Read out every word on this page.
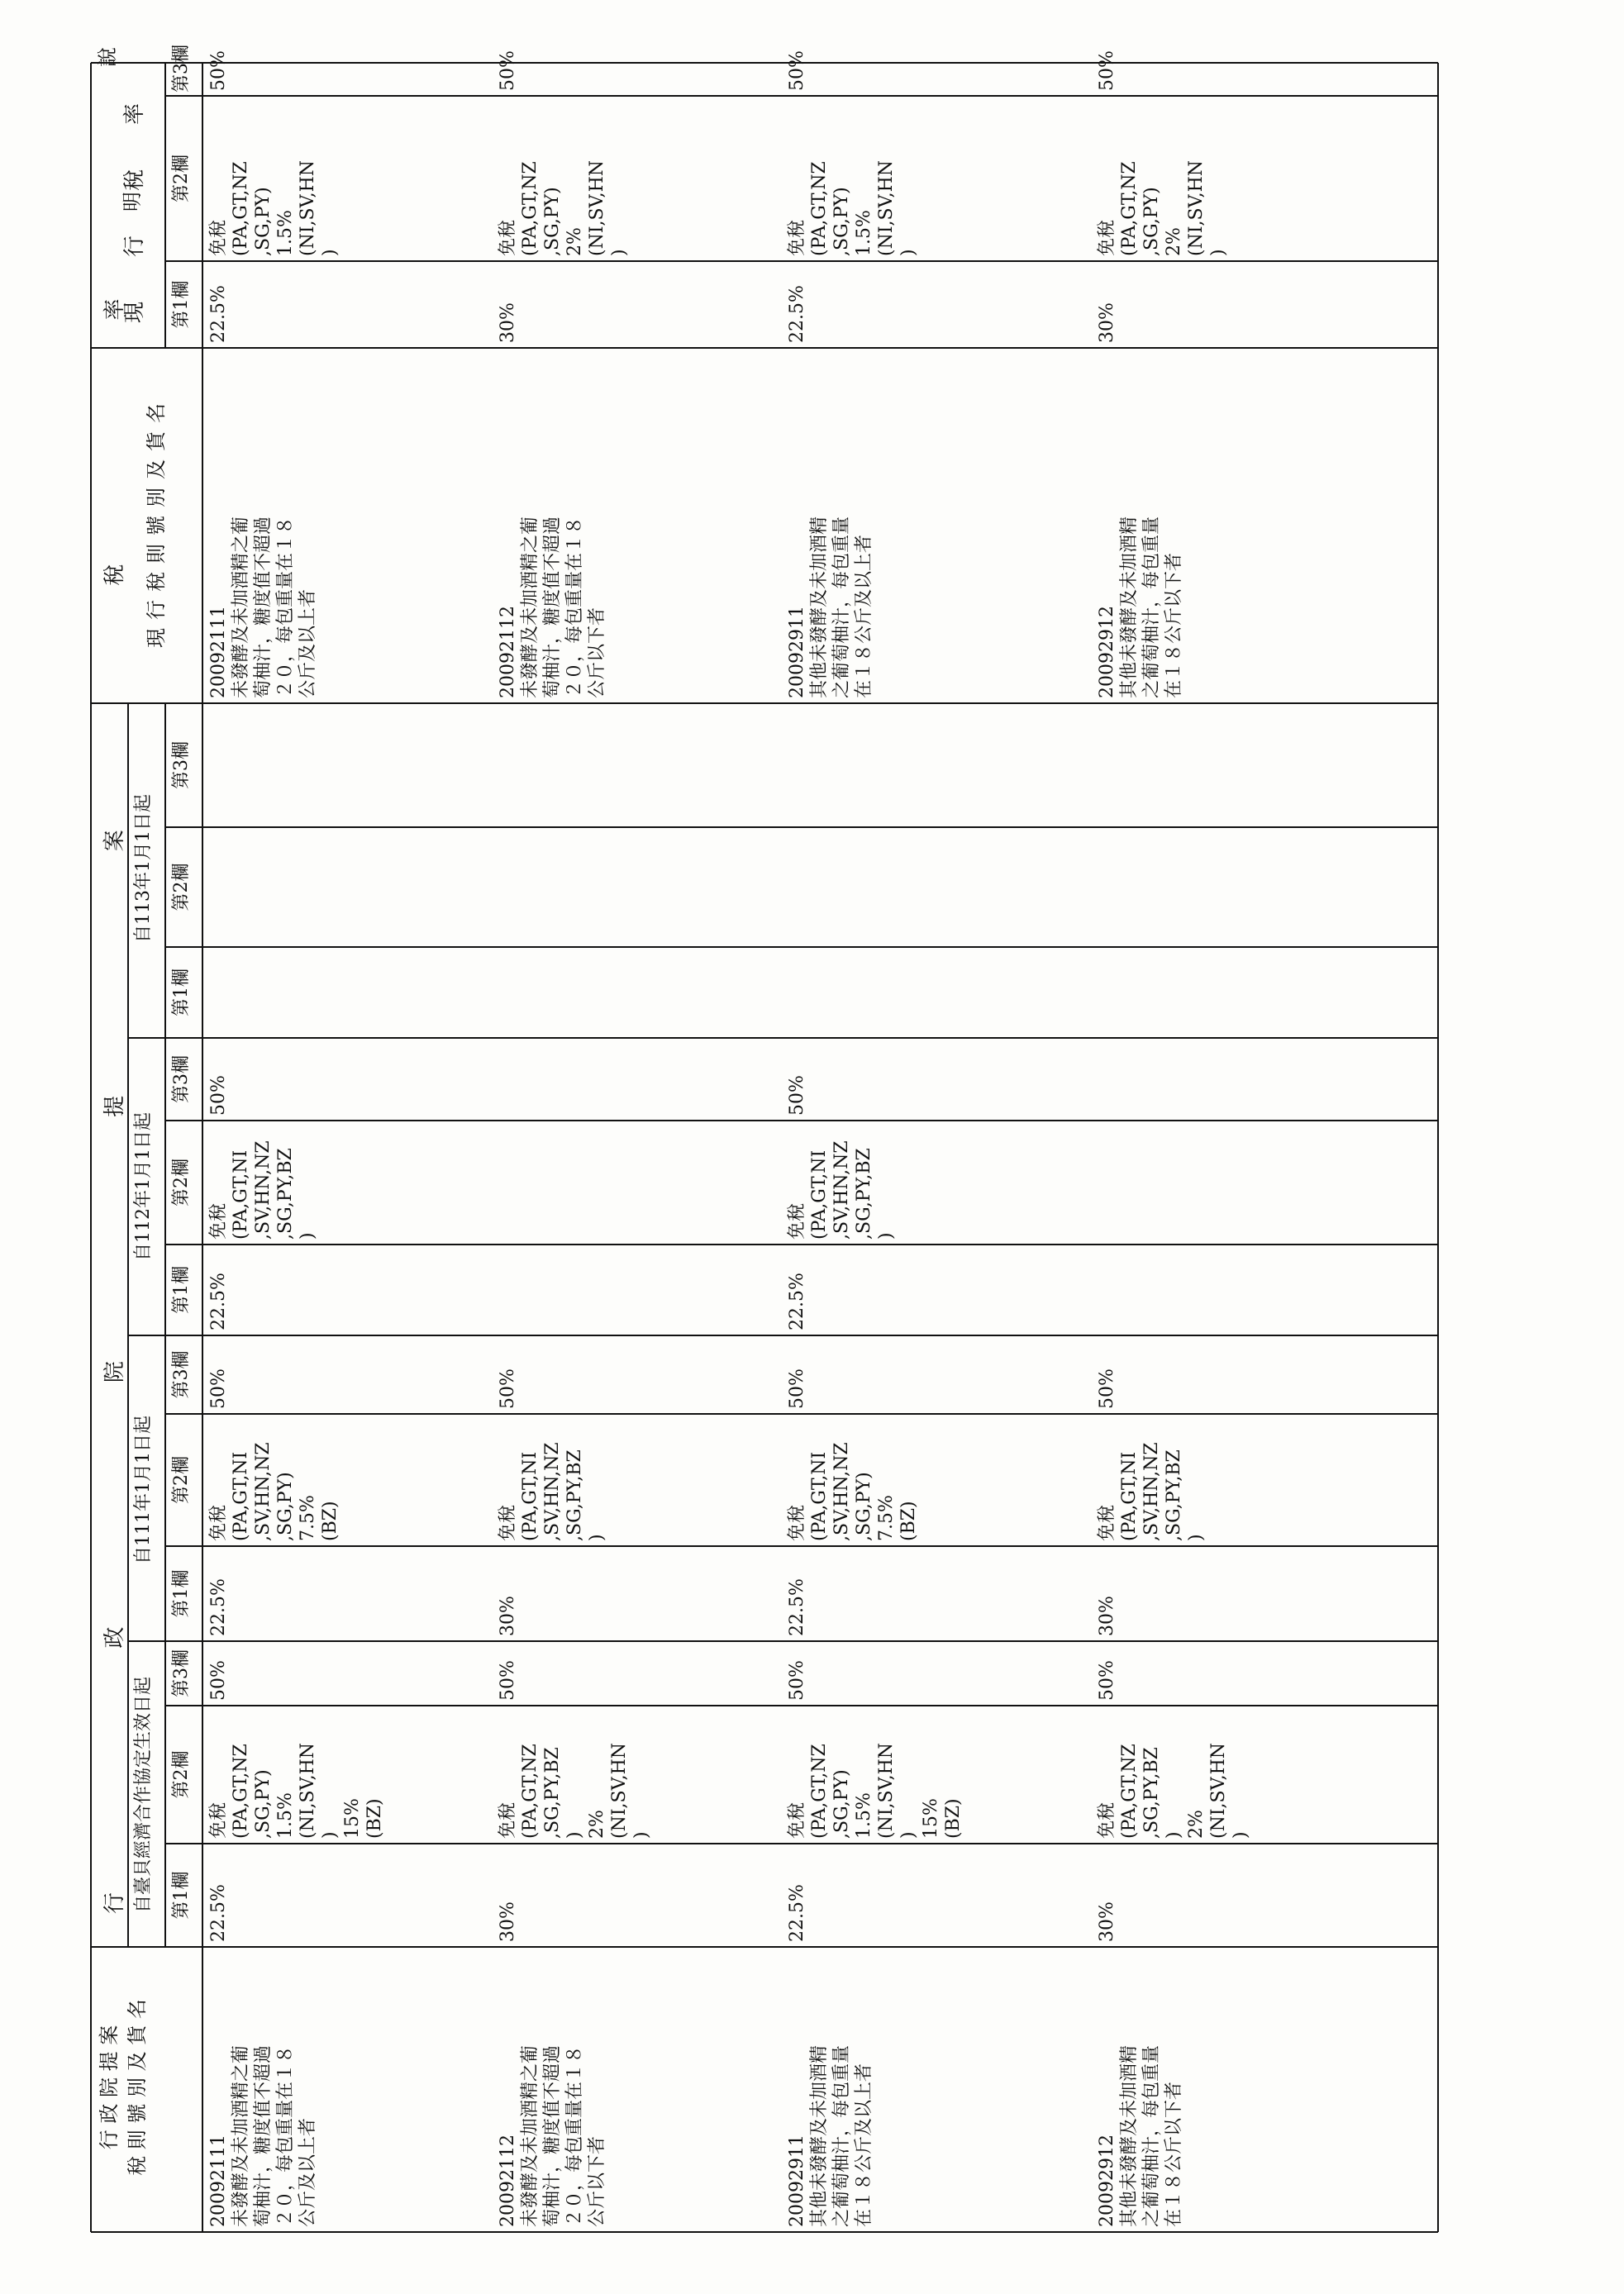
行 政 院 提 案
稅 則 號 別 及 貨 名
行
政
院
提
案
稅
率
自臺貝經濟合作協定生效日起
自111年1月1日起
自112年1月1日起
自113年1月1日起
現行稅則號別及貨名
現
行
稅
率
說
明
第1欄
第2欄
第3欄
第1欄
第2欄
第3欄
第1欄
第2欄
第3欄
第1欄
第2欄
第3欄
第1欄
第2欄
第3欄
20092111 未發酵及未加酒精之葡
萄柚汁，糖度值不超過
２０，每包重量在１８
公斤及以上者
22.5%
免稅
(PA,GT,NZ
,SG,PY)
1.5%
(NI,SV,HN
)
15%
(BZ)
50%
22.5%
免稅
(PA,GT,NI
,SV,HN,NZ
,SG,PY)
7.5%
(BZ)
50%
22.5%
免稅
(PA,GT,NI
,SV,HN,NZ
,SG,PY,BZ
)
50%
20092111 未發酵及未加酒精之葡
萄柚汁，糖度值不超過
２０，每包重量在１８
公斤及以上者
22.5%
免稅
(PA,GT,NZ
,SG,PY)
1.5%
(NI,SV,HN
)
50%
20092112 未發酵及未加酒精之葡
萄柚汁，糖度值不超過
２０，每包重量在１８
公斤以下者
30%
免稅
(PA,GT,NZ
,SG,PY,BZ
)
2%
(NI,SV,HN
)
50%
30%
免稅
(PA,GT,NI
,SV,HN,NZ
,SG,PY,BZ
)
50%
20092112 未發酵及未加酒精之葡
萄柚汁，糖度值不超過
２０，每包重量在１８
公斤以下者
30%
免稅
(PA,GT,NZ
,SG,PY)
2%
(NI,SV,HN
)
50%
20092911 其他未發酵及未加酒精
之葡萄柚汁，每包重量
在１８公斤及以上者
22.5%
免稅
(PA,GT,NZ
,SG,PY)
1.5%
(NI,SV,HN
)
15%
(BZ)
50%
22.5%
免稅
(PA,GT,NI
,SV,HN,NZ
,SG,PY)
7.5%
(BZ)
50%
22.5%
免稅
(PA,GT,NI
,SV,HN,NZ
,SG,PY,BZ
)
50%
20092911 其他未發酵及未加酒精
之葡萄柚汁，每包重量
在１８公斤及以上者
22.5%
免稅
(PA,GT,NZ
,SG,PY)
1.5%
(NI,SV,HN
)
50%
20092912 其他未發酵及未加酒精
之葡萄柚汁，每包重量
在１８公斤以下者
30%
免稅
(PA,GT,NZ
,SG,PY,BZ
)
2%
(NI,SV,HN
)
50%
30%
免稅
(PA,GT,NI
,SV,HN,NZ
,SG,PY,BZ
)
50%
20092912 其他未發酵及未加酒精
之葡萄柚汁，每包重量
在１８公斤以下者
30%
免稅
(PA,GT,NZ
,SG,PY)
2%
(NI,SV,HN
)
50%
